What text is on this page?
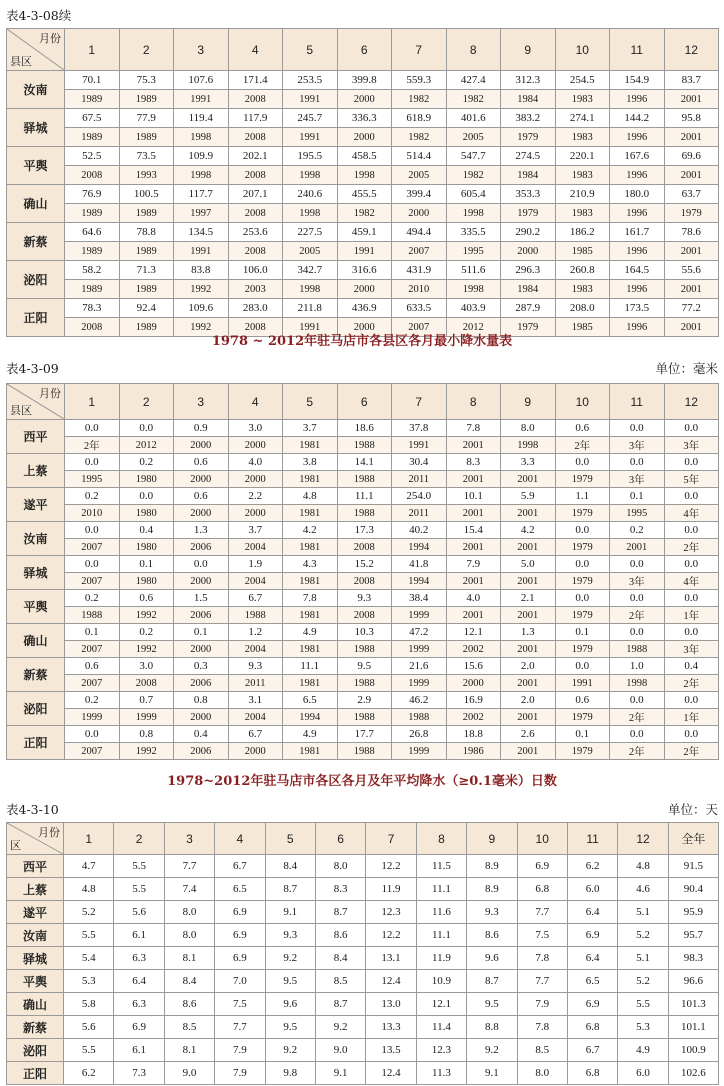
表4-3-08续
月份
县区	1	2	3	4	5	6	7	8	9	10	11	12
汝南	70.1	75.3	107.6	171.4	253.5	399.8	559.3	427.4	312.3	254.5	154.9	83.7
	1989	1989	1991	2008	1991	2000	1982	1982	1984	1983	1996	2001
驿城	67.5	77.9	119.4	117.9	245.7	336.3	618.9	401.6	383.2	274.1	144.2	95.8
	1989	1989	1998	2008	1991	2000	1982	2005	1979	1983	1996	2001
平舆	52.5	73.5	109.9	202.1	195.5	458.5	514.4	547.7	274.5	220.1	167.6	69.6
	2008	1993	1998	2008	1998	1998	2005	1982	1984	1983	1996	2001
确山	76.9	100.5	117.7	207.1	240.6	455.5	399.4	605.4	353.3	210.9	180.0	63.7
	1989	1989	1997	2008	1998	1982	2000	1998	1979	1983	1996	1979
新蔡	64.6	78.8	134.5	253.6	227.5	459.1	494.4	335.5	290.2	186.2	161.7	78.6
	1989	1989	1991	2008	2005	1991	2007	1995	2000	1985	1996	2001
泌阳	58.2	71.3	83.8	106.0	342.7	316.6	431.9	511.6	296.3	260.8	164.5	55.6
	1989	1989	1992	2003	1998	2000	2010	1998	1984	1983	1996	2001
正阳	78.3	92.4	109.6	283.0	211.8	436.9	633.5	403.9	287.9	208.0	173.5	77.2
	2008	1989	1992	2008	1991	2000	2007	2012	1979	1985	1996	2001
1978 ~ 2012年驻马店市各县区各月最小降水量表
表4-3-09	单位：毫米
月份
县区	1	2	3	4	5	6	7	8	9	10	11	12
西平	0.0	0.0	0.9	3.0	3.7	18.6	37.8	7.8	8.0	0.6	0.0	0.0
	2年	2012	2000	2000	1981	1988	1991	2001	1998	2年	3年	3年
上蔡	0.0	0.2	0.6	4.0	3.8	14.1	30.4	8.3	3.3	0.0	0.0	0.0
	1995	1980	2000	2000	1981	1988	2011	2001	2001	1979	3年	5年
遂平	0.2	0.0	0.6	2.2	4.8	11.1	254.0	10.1	5.9	1.1	0.1	0.0
	2010	1980	2000	2000	1981	1988	2011	2001	2001	1979	1995	4年
汝南	0.0	0.4	1.3	3.7	4.2	17.3	40.2	15.4	4.2	0.0	0.2	0.0
	2007	1980	2006	2004	1981	2008	1994	2001	2001	1979	2001	2年
驿城	0.0	0.1	0.0	1.9	4.3	15.2	41.8	7.9	5.0	0.0	0.0	0.0
	2007	1980	2000	2004	1981	2008	1994	2001	2001	1979	3年	4年
平舆	0.2	0.6	1.5	6.7	7.8	9.3	38.4	4.0	2.1	0.0	0.0	0.0
	1988	1992	2006	1988	1981	2008	1999	2001	2001	1979	2年	1年
确山	0.1	0.2	0.1	1.2	4.9	10.3	47.2	12.1	1.3	0.1	0.0	0.0
	2007	1992	2000	2004	1981	1988	1999	2002	2001	1979	1988	3年
新蔡	0.6	3.0	0.3	9.3	11.1	9.5	21.6	15.6	2.0	0.0	1.0	0.4
	2007	2008	2006	2011	1981	1988	1999	2000	2001	1991	1998	2年
泌阳	0.2	0.7	0.8	3.1	6.5	2.9	46.2	16.9	2.0	0.6	0.0	0.0
	1999	1999	2000	2004	1994	1988	1988	2002	2001	1979	2年	1年
正阳	0.0	0.8	0.4	6.7	4.9	17.7	26.8	18.8	2.6	0.1	0.0	0.0
	2007	1992	2006	2000	1981	1988	1999	1986	2001	1979	2年	2年
1978~2012年驻马店市各区各月及年平均降水（≥0.1毫米）日数
表4-3-10	单位：天
月份
区	1	2	3	4	5	6	7	8	9	10	11	12	全年
西平	4.7	5.5	7.7	6.7	8.4	8.0	12.2	11.5	8.9	6.9	6.2	4.8	91.5
上蔡	4.8	5.5	7.4	6.5	8.7	8.3	11.9	11.1	8.9	6.8	6.0	4.6	90.4
遂平	5.2	5.6	8.0	6.9	9.1	8.7	12.3	11.6	9.3	7.7	6.4	5.1	95.9
汝南	5.5	6.1	8.0	6.9	9.3	8.6	12.2	11.1	8.6	7.5	6.9	5.2	95.7
驿城	5.4	6.3	8.1	6.9	9.2	8.4	13.1	11.9	9.6	7.8	6.4	5.1	98.3
平舆	5.3	6.4	8.4	7.0	9.5	8.5	12.4	10.9	8.7	7.7	6.5	5.2	96.6
确山	5.8	6.3	8.6	7.5	9.6	8.7	13.0	12.1	9.5	7.9	6.9	5.5	101.3
新蔡	5.6	6.9	8.5	7.7	9.5	9.2	13.3	11.4	8.8	7.8	6.8	5.3	101.1
泌阳	5.5	6.1	8.1	7.9	9.2	9.0	13.5	12.3	9.2	8.5	6.7	4.9	100.9
正阳	6.2	7.3	9.0	7.9	9.8	9.1	12.4	11.3	9.1	8.0	6.8	6.0	102.6
